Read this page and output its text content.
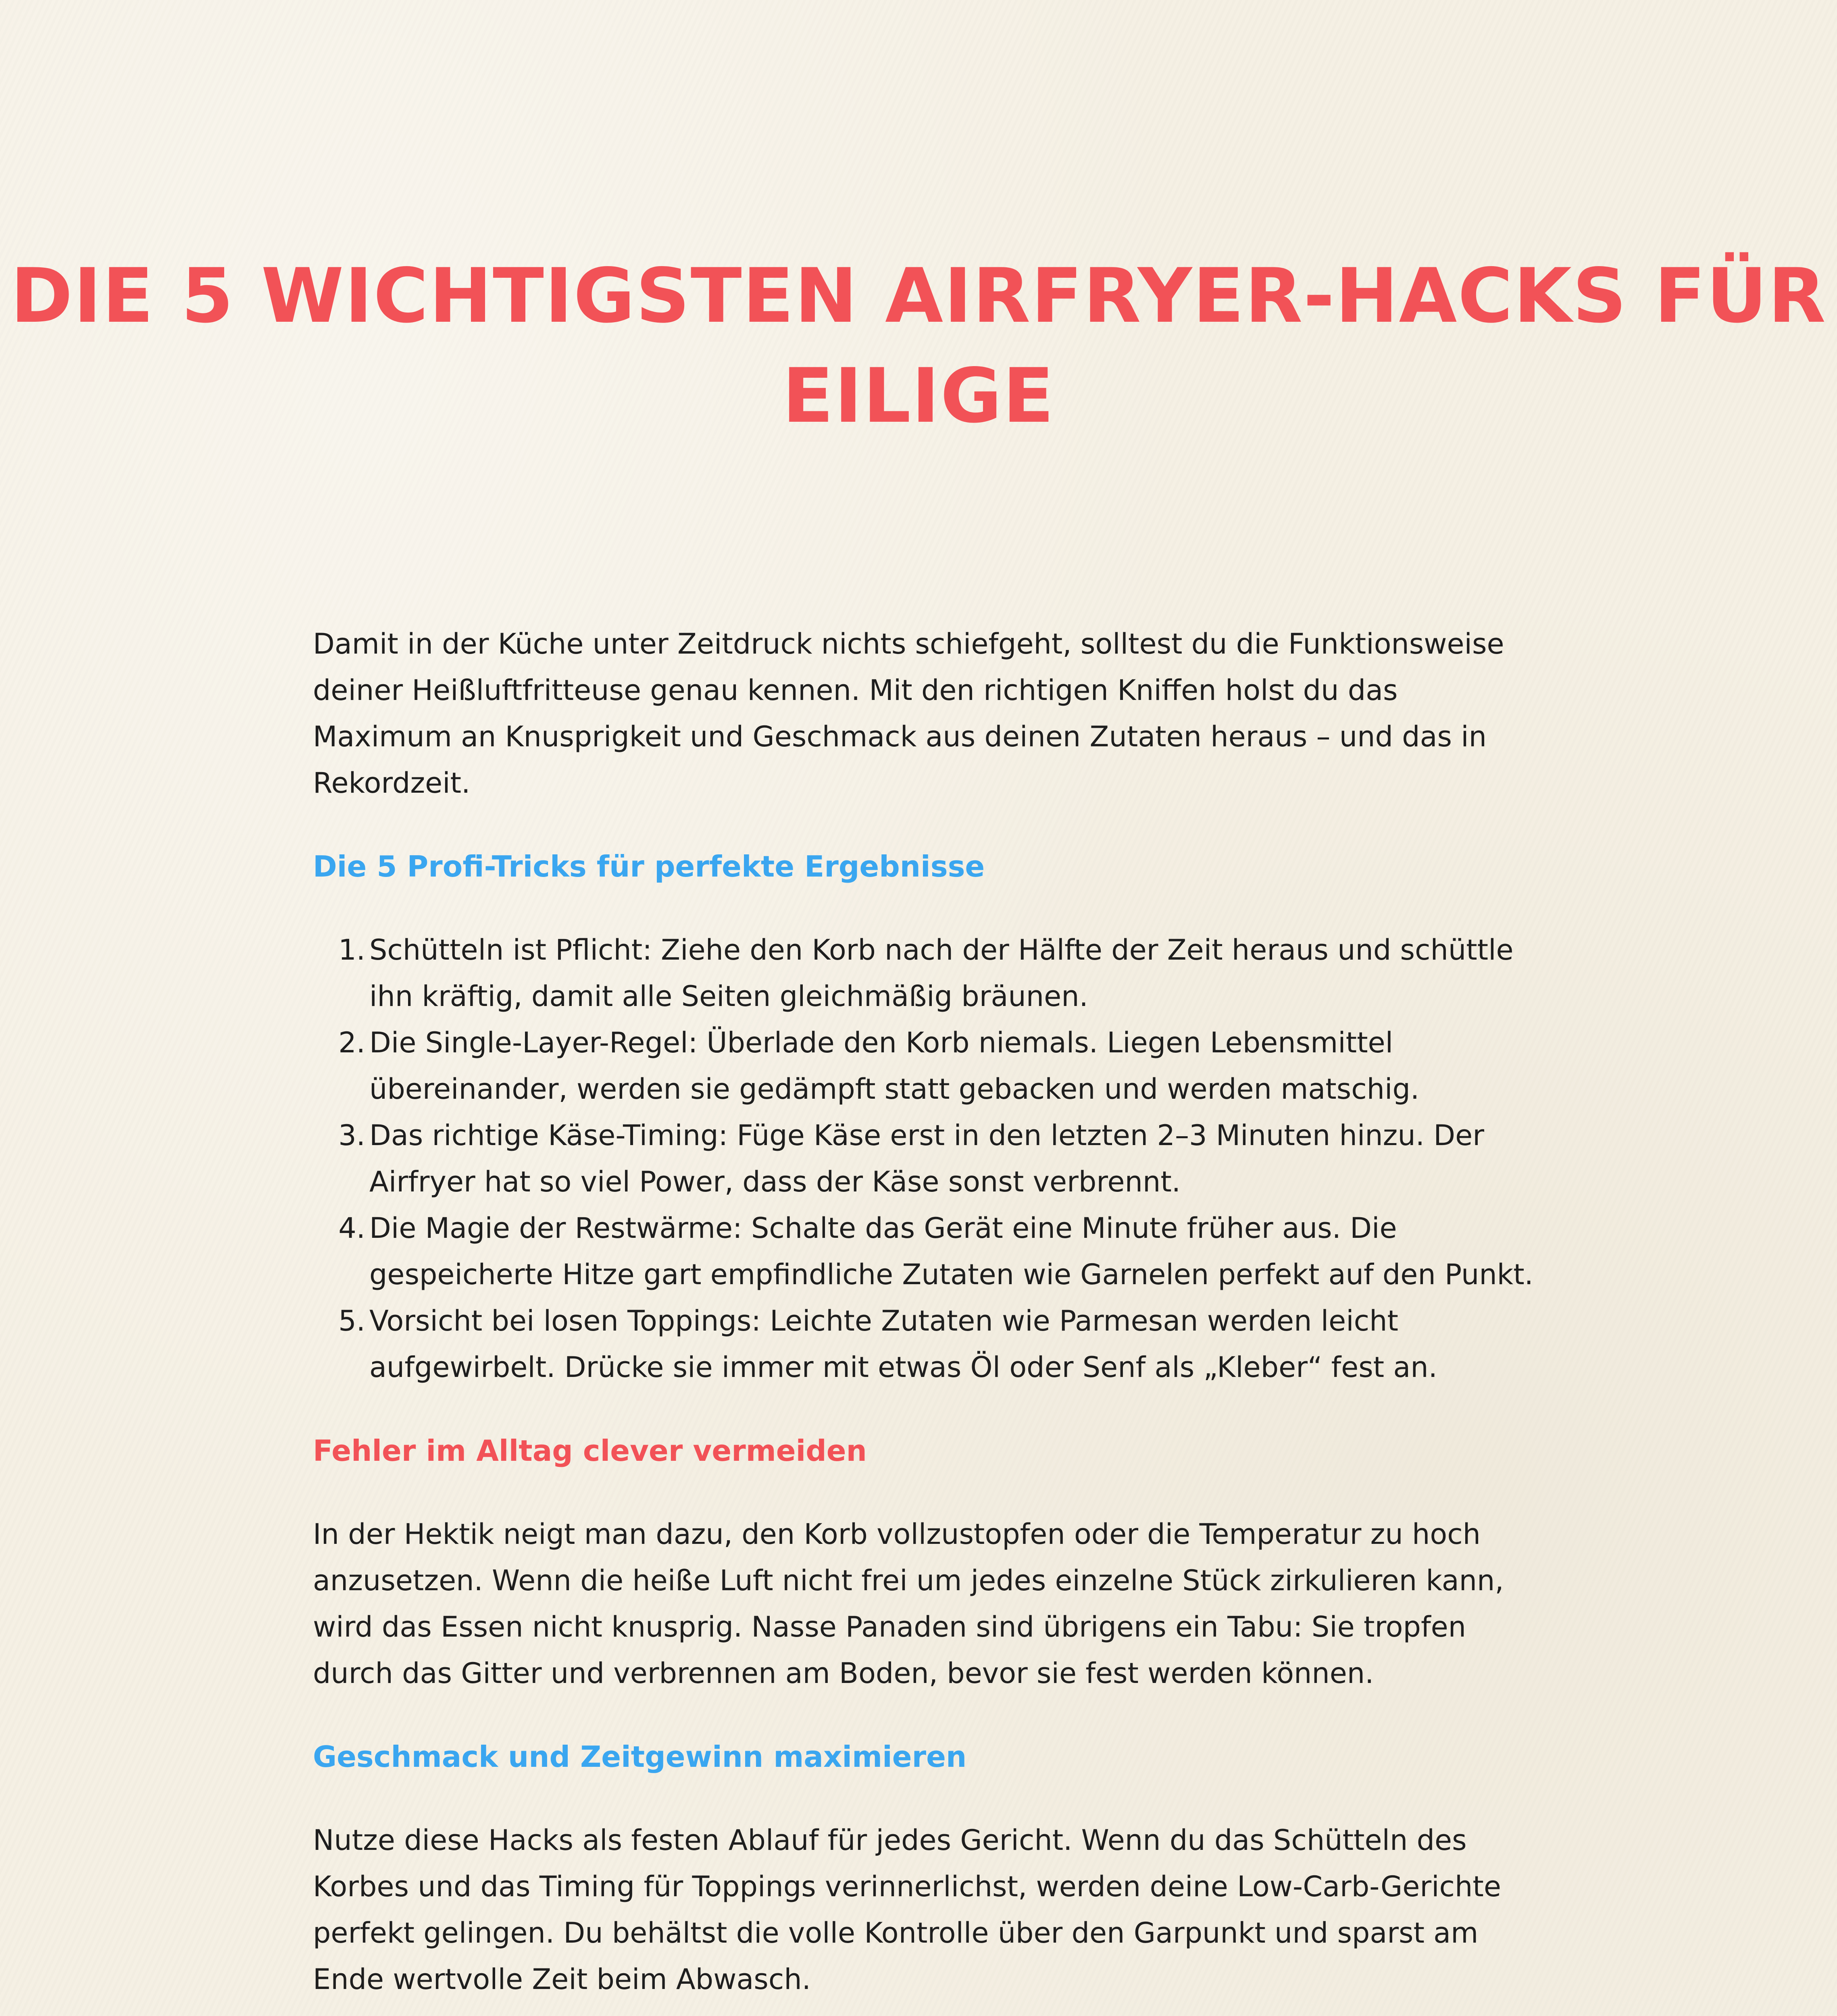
DIE 5 WICHTIGSTEN AIRFRYER-HACKS FÜR EILIGE

Damit in der Küche unter Zeitdruck nichts schiefgeht, solltest du die Funktionsweise deiner Heißluftfritteuse genau kennen. Mit den richtigen Kniffen holst du das Maximum an Knusprigkeit und Geschmack aus deinen Zutaten heraus – und das in Rekordzeit.

Die 5 Profi-Tricks für perfekte Ergebnisse

1. Schütteln ist Pflicht: Ziehe den Korb nach der Hälfte der Zeit heraus und schüttle ihn kräftig, damit alle Seiten gleichmäßig bräunen.
2. Die Single-Layer-Regel: Überlade den Korb niemals. Liegen Lebensmittel übereinander, werden sie gedämpft statt gebacken und werden matschig.
3. Das richtige Käse-Timing: Füge Käse erst in den letzten 2–3 Minuten hinzu. Der Airfryer hat so viel Power, dass der Käse sonst verbrennt.
4. Die Magie der Restwärme: Schalte das Gerät eine Minute früher aus. Die gespeicherte Hitze gart empfindliche Zutaten wie Garnelen perfekt auf den Punkt.
5. Vorsicht bei losen Toppings: Leichte Zutaten wie Parmesan werden leicht aufgewirbelt. Drücke sie immer mit etwas Öl oder Senf als „Kleber“ fest an.

Fehler im Alltag clever vermeiden

In der Hektik neigt man dazu, den Korb vollzustopfen oder die Temperatur zu hoch anzusetzen. Wenn die heiße Luft nicht frei um jedes einzelne Stück zirkulieren kann, wird das Essen nicht knusprig. Nasse Panaden sind übrigens ein Tabu: Sie tropfen durch das Gitter und verbrennen am Boden, bevor sie fest werden können.

Geschmack und Zeitgewinn maximieren

Nutze diese Hacks als festen Ablauf für jedes Gericht. Wenn du das Schütteln des Korbes und das Timing für Toppings verinnerlichst, werden deine Low-Carb-Gerichte perfekt gelingen. Du behältst die volle Kontrolle über den Garpunkt und sparst am Ende wertvolle Zeit beim Abwasch.
